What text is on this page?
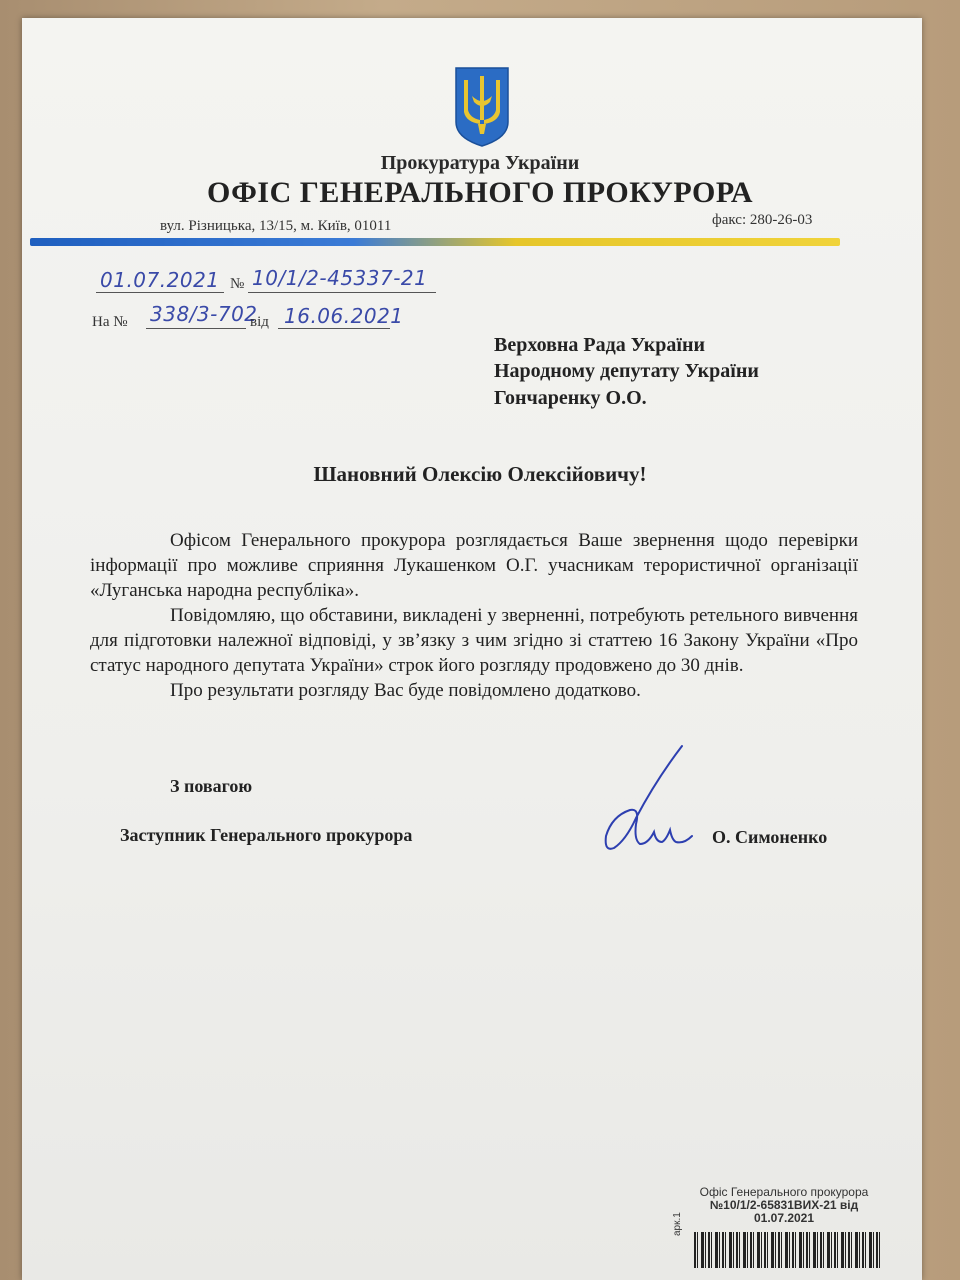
Прокуратура України
ОФІС ГЕНЕРАЛЬНОГО ПРОКУРОРА
вул. Різницька, 13/15, м. Київ, 01011	факс: 280-26-03
01.07.2021 № 10/1/2-45337-21
На № 338/3-702
від 16.06.2021
Верховна Рада України
Народному депутату України
Гончаренку О.О.
Шановний Олексію Олексійовичу!

Офісом Генерального прокурора розглядається Ваше звернення щодо перевірки інформації про можливе сприяння Лукашенком О.Г. учасникам терористичної організації «Луганська народна республіка».

Повідомляю, що обставини, викладені у зверненні, потребують ретельного вивчення для підготовки належної відповіді, у зв’язку з чим згідно зі статтею 16 Закону України «Про статус народного депутата України» строк його розгляду продовжено до 30 днів.

Про результати розгляду Вас буде повідомлено додатково.

З повагою
Заступник Генерального прокурора	О. Симоненко
Офіс Генерального прокурора
№10/1/2-65831ВИХ-21 від
01.07.2021
арк.1
